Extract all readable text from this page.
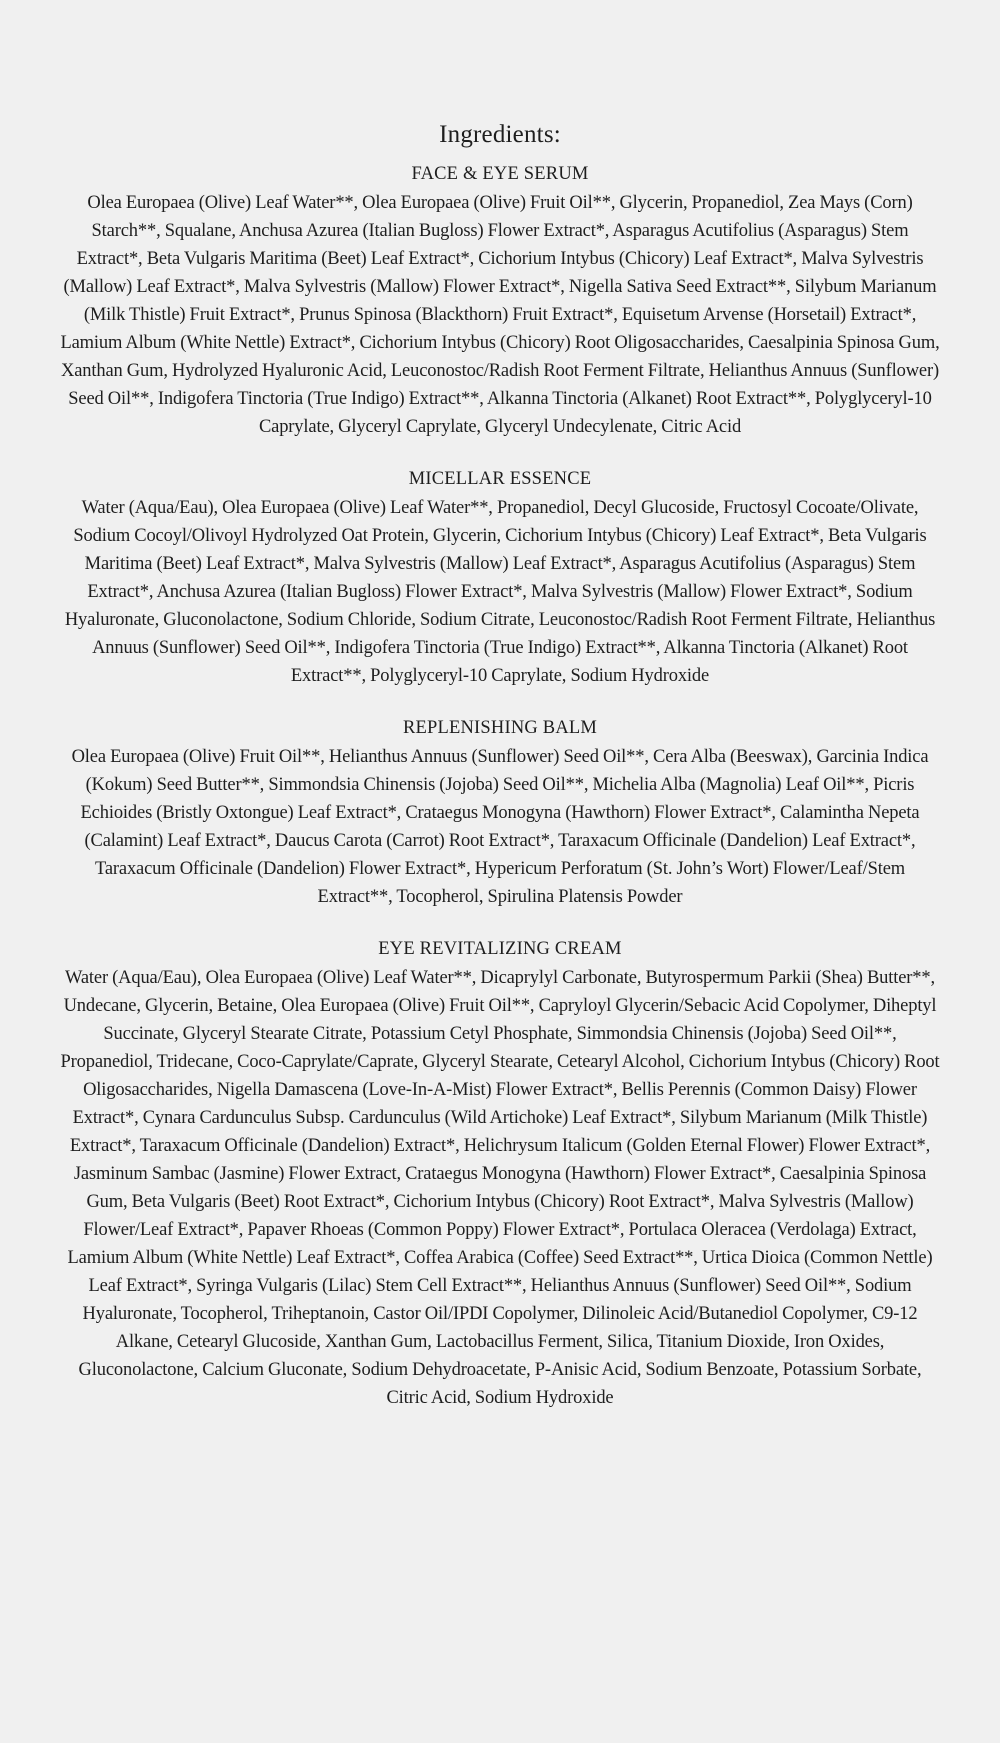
Ingredients:
FACE & EYE SERUM

Olea Europaea (Olive) Leaf Water**, Olea Europaea (Olive) Fruit Oil**, Glycerin, Propanediol, Zea Mays (Corn) Starch**, Squalane, Anchusa Azurea (Italian Bugloss) Flower Extract*, Asparagus Acutifolius (Asparagus) Stem Extract*, Beta Vulgaris Maritima (Beet) Leaf Extract*, Cichorium Intybus (Chicory) Leaf Extract*, Malva Sylvestris (Mallow) Leaf Extract*, Malva Sylvestris (Mallow) Flower Extract*, Nigella Sativa Seed Extract**, Silybum Marianum (Milk Thistle) Fruit Extract*, Prunus Spinosa (Blackthorn) Fruit Extract*, Equisetum Arvense (Horsetail) Extract*, Lamium Album (White Nettle) Extract*, Cichorium Intybus (Chicory) Root Oligosaccharides, Caesalpinia Spinosa Gum, Xanthan Gum, Hydrolyzed Hyaluronic Acid, Leuconostoc/Radish Root Ferment Filtrate, Helianthus Annuus (Sunflower) Seed Oil**, Indigofera Tinctoria (True Indigo) Extract**, Alkanna Tinctoria (Alkanet) Root Extract**, Polyglyceryl-10 Caprylate, Glyceryl Caprylate, Glyceryl Undecylenate, Citric Acid

MICELLAR ESSENCE

Water (Aqua/Eau), Olea Europaea (Olive) Leaf Water**, Propanediol, Decyl Glucoside, Fructosyl Cocoate/Olivate, Sodium Cocoyl/Olivoyl Hydrolyzed Oat Protein, Glycerin, Cichorium Intybus (Chicory) Leaf Extract*, Beta Vulgaris Maritima (Beet) Leaf Extract*, Malva Sylvestris (Mallow) Leaf Extract*, Asparagus Acutifolius (Asparagus) Stem Extract*, Anchusa Azurea (Italian Bugloss) Flower Extract*, Malva Sylvestris (Mallow) Flower Extract*, Sodium Hyaluronate, Gluconolactone, Sodium Chloride, Sodium Citrate, Leuconostoc/Radish Root Ferment Filtrate, Helianthus Annuus (Sunflower) Seed Oil**, Indigofera Tinctoria (True Indigo) Extract**, Alkanna Tinctoria (Alkanet) Root Extract**, Polyglyceryl-10 Caprylate, Sodium Hydroxide

REPLENISHING BALM

Olea Europaea (Olive) Fruit Oil**, Helianthus Annuus (Sunflower) Seed Oil**, Cera Alba (Beeswax), Garcinia Indica (Kokum) Seed Butter**, Simmondsia Chinensis (Jojoba) Seed Oil**, Michelia Alba (Magnolia) Leaf Oil**, Picris Echioides (Bristly Oxtongue) Leaf Extract*, Crataegus Monogyna (Hawthorn) Flower Extract*, Calamintha Nepeta (Calamint) Leaf Extract*, Daucus Carota (Carrot) Root Extract*, Taraxacum Officinale (Dandelion) Leaf Extract*, Taraxacum Officinale (Dandelion) Flower Extract*, Hypericum Perforatum (St. John’s Wort) Flower/Leaf/Stem Extract**, Tocopherol, Spirulina Platensis Powder

EYE REVITALIZING CREAM

Water (Aqua/Eau), Olea Europaea (Olive) Leaf Water**, Dicaprylyl Carbonate, Butyrospermum Parkii (Shea) Butter**, Undecane, Glycerin, Betaine, Olea Europaea (Olive) Fruit Oil**, Capryloyl Glycerin/Sebacic Acid Copolymer, Diheptyl Succinate, Glyceryl Stearate Citrate, Potassium Cetyl Phosphate, Simmondsia Chinensis (Jojoba) Seed Oil**, Propanediol, Tridecane, Coco-Caprylate/Caprate, Glyceryl Stearate, Cetearyl Alcohol, Cichorium Intybus (Chicory) Root Oligosaccharides, Nigella Damascena (Love-In-A-Mist) Flower Extract*, Bellis Perennis (Common Daisy) Flower Extract*, Cynara Cardunculus Subsp. Cardunculus (Wild Artichoke) Leaf Extract*, Silybum Marianum (Milk Thistle) Extract*, Taraxacum Officinale (Dandelion) Extract*, Helichrysum Italicum (Golden Eternal Flower) Flower Extract*, Jasminum Sambac (Jasmine) Flower Extract, Crataegus Monogyna (Hawthorn) Flower Extract*, Caesalpinia Spinosa Gum, Beta Vulgaris (Beet) Root Extract*, Cichorium Intybus (Chicory) Root Extract*, Malva Sylvestris (Mallow) Flower/Leaf Extract*, Papaver Rhoeas (Common Poppy) Flower Extract*, Portulaca Oleracea (Verdolaga) Extract, Lamium Album (White Nettle) Leaf Extract*, Coffea Arabica (Coffee) Seed Extract**, Urtica Dioica (Common Nettle) Leaf Extract*, Syringa Vulgaris (Lilac) Stem Cell Extract**, Helianthus Annuus (Sunflower) Seed Oil**, Sodium Hyaluronate, Tocopherol, Triheptanoin, Castor Oil/IPDI Copolymer, Dilinoleic Acid/Butanediol Copolymer, C9-12 Alkane, Cetearyl Glucoside, Xanthan Gum, Lactobacillus Ferment, Silica, Titanium Dioxide, Iron Oxides, Gluconolactone, Calcium Gluconate, Sodium Dehydroacetate, P-Anisic Acid, Sodium Benzoate, Potassium Sorbate, Citric Acid, Sodium Hydroxide
